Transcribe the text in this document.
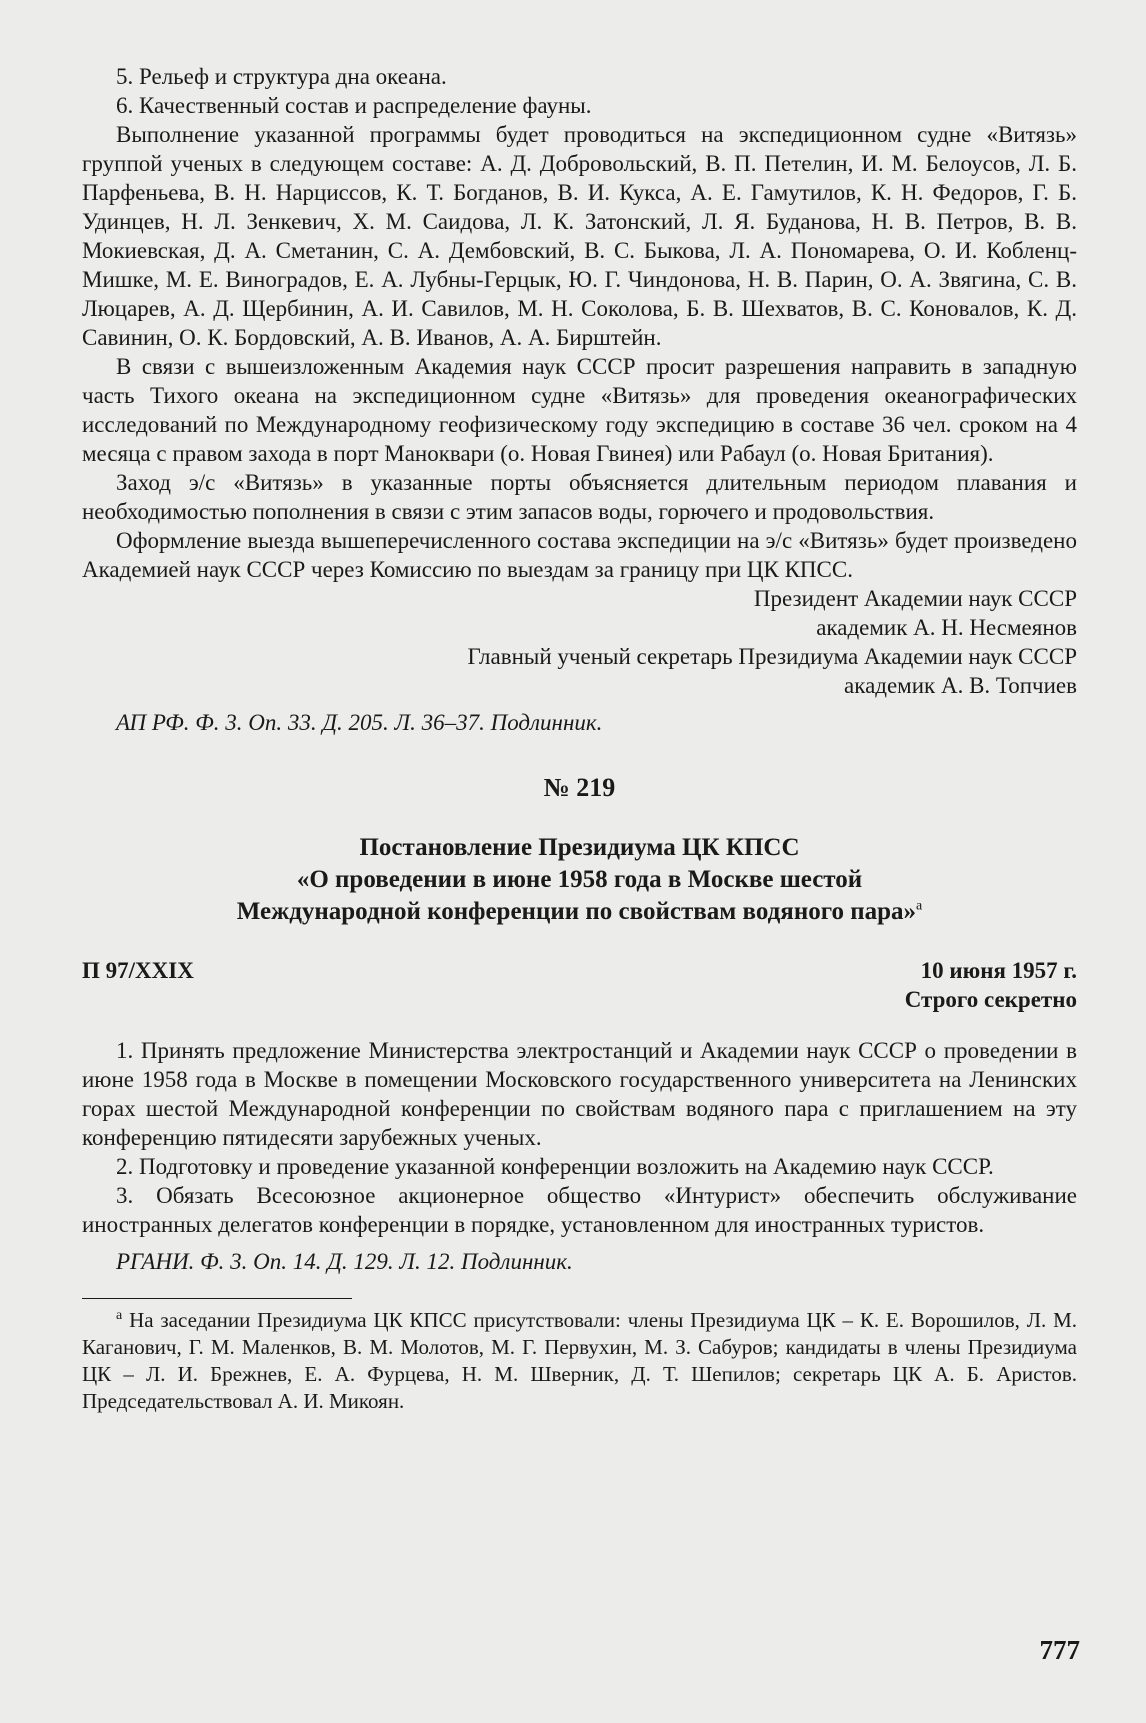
5. Рельеф и структура дна океана.

6. Качественный состав и распределение фауны.

Выполнение указанной программы будет проводиться на экспедиционном судне «Витязь» группой ученых в следующем составе: А. Д. Добровольский, В. П. Петелин, И. М. Белоусов, Л. Б. Парфеньева, В. Н. Нарциссов, К. Т. Богданов, В. И. Кукса, А. Е. Гамутилов, К. Н. Федоров, Г. Б. Удинцев, Н. Л. Зенкевич, Х. М. Саидова, Л. К. Затонский, Л. Я. Буданова, Н. В. Петров, В. В. Мокиевская, Д. А. Сметанин, С. А. Дембовский, В. С. Быкова, Л. А. Пономарева, О. И. Кобленц-Мишке, М. Е. Виноградов, Е. А. Лубны-Герцык, Ю. Г. Чиндонова, Н. В. Парин, О. А. Звягина, С. В. Люцарев, А. Д. Щербинин, А. И. Савилов, М. Н. Соколова, Б. В. Шехватов, В. С. Коновалов, К. Д. Савинин, О. К. Бордовский, А. В. Иванов, А. А. Бирштейн.

В связи с вышеизложенным Академия наук СССР просит разрешения направить в западную часть Тихого океана на экспедиционном судне «Витязь» для проведения океанографических исследований по Международному геофизическому году экспедицию в составе 36 чел. сроком на 4 месяца с правом захода в порт Маноквари (о. Новая Гвинея) или Рабаул (о. Новая Британия).

Заход э/с «Витязь» в указанные порты объясняется длительным периодом плавания и необходимостью пополнения в связи с этим запасов воды, горючего и продовольствия.

Оформление выезда вышеперечисленного состава экспедиции на э/с «Витязь» будет произведено Академией наук СССР через Комиссию по выездам за границу при ЦК КПСС.

Президент Академии наук СССР

академик А. Н. Несмеянов

Главный ученый секретарь Президиума Академии наук СССР

академик А. В. Топчиев

АП РФ. Ф. 3. Оп. 33. Д. 205. Л. 36–37. Подлинник.

№ 219
Постановление Президиума ЦК КПСС
«О проведении в июне 1958 года в Москве шестой
Международной конференции по свойствам водяного пара»$^а$
П 97/XXIX	10 июня 1957 г.
Строго секретно

1. Принять предложение Министерства электростанций и Академии наук СССР о проведении в июне 1958 года в Москве в помещении Московского государственного университета на Ленинских горах шестой Международной конференции по свойствам водяного пара с приглашением на эту конференцию пятидесяти зарубежных ученых.

2. Подготовку и проведение указанной конференции возложить на Академию наук СССР.

3. Обязать Всесоюзное акционерное общество «Интурист» обеспечить обслуживание иностранных делегатов конференции в порядке, установленном для иностранных туристов.

РГАНИ. Ф. 3. Оп. 14. Д. 129. Л. 12. Подлинник.

$^а$ На заседании Президиума ЦК КПСС присутствовали: члены Президиума ЦК – К. Е. Ворошилов, Л. М. Каганович, Г. М. Маленков, В. М. Молотов, М. Г. Первухин, М. З. Сабуров; кандидаты в члены Президиума ЦК – Л. И. Брежнев, Е. А. Фурцева, Н. М. Шверник, Д. Т. Шепилов; секретарь ЦК А. Б. Аристов. Председательствовал А. И. Микоян.

777
